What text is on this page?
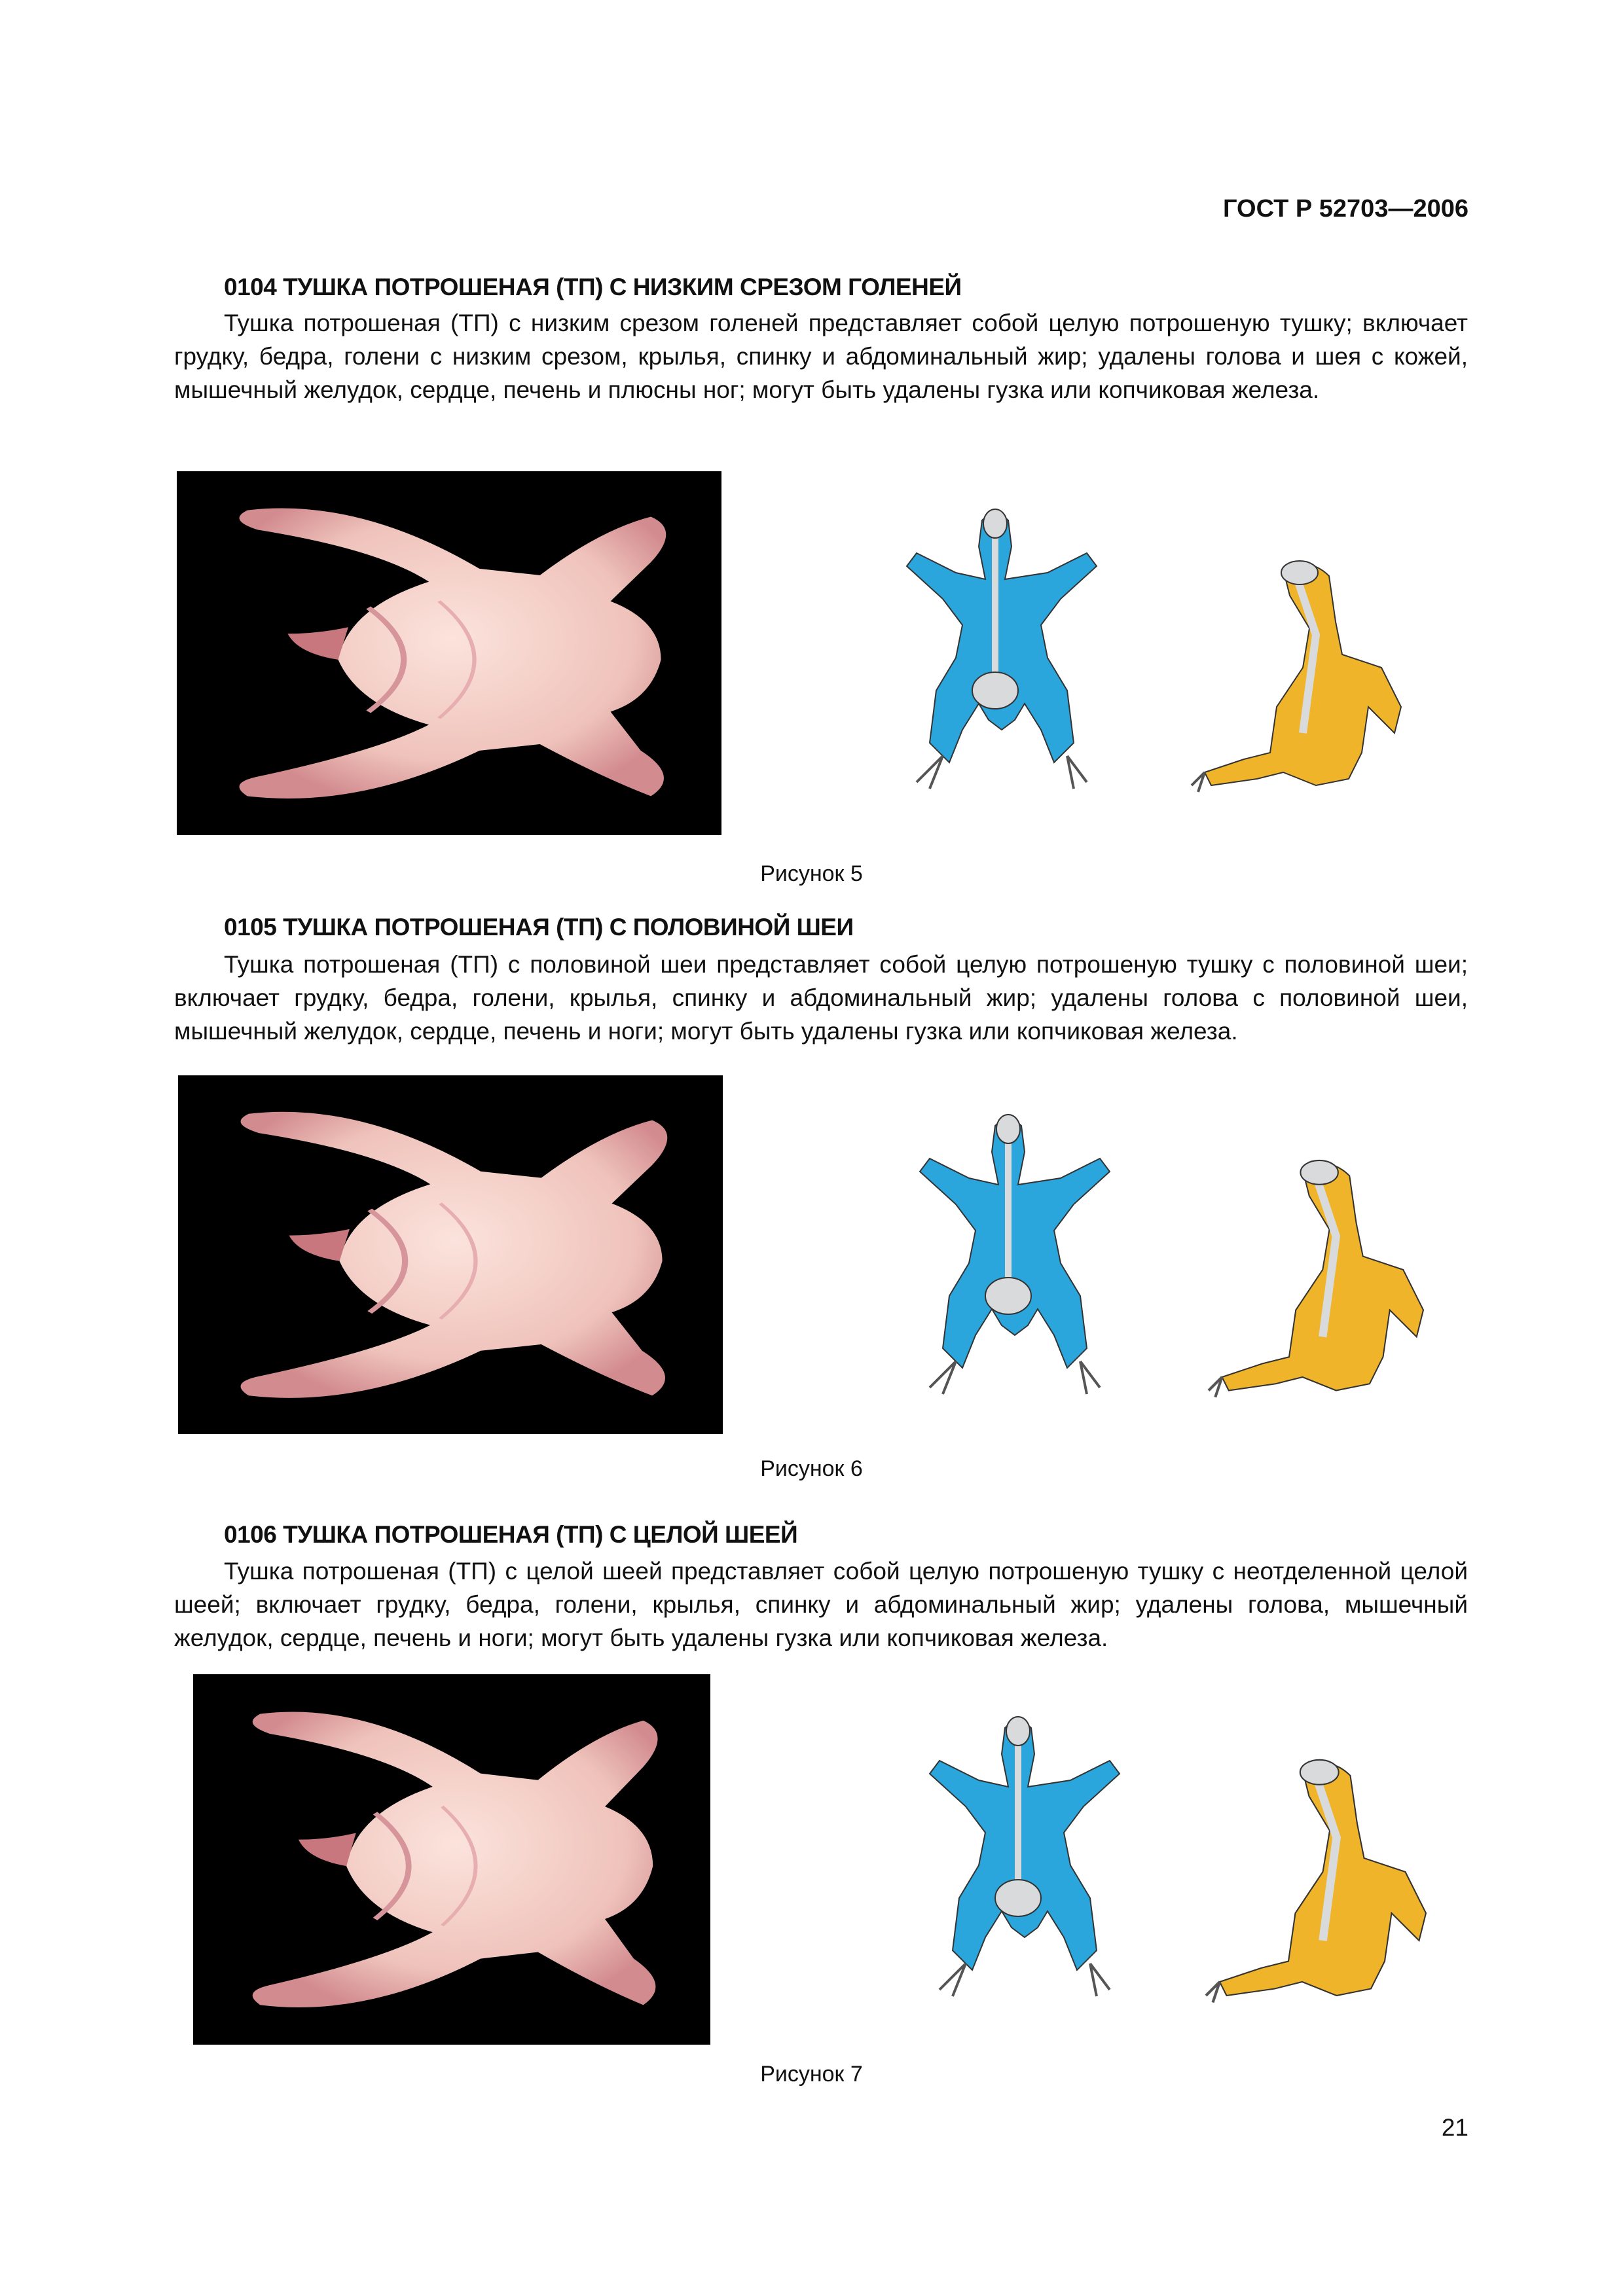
ГОСТ Р 52703—2006
0104 ТУШКА ПОТРОШЕНАЯ (ТП) С НИЗКИМ СРЕЗОМ ГОЛЕНЕЙ
Тушка потрошеная (ТП) с низким срезом голеней представляет собой целую потрошеную тушку; включает грудку, бедра, голени с низким срезом, крылья, спинку и абдоминальный жир; удалены голова и шея с кожей, мышечный желудок, сердце, печень и плюсны ног; могут быть удалены гузка или копчиковая железа.
Рисунок 5
0105 ТУШКА ПОТРОШЕНАЯ (ТП) С ПОЛОВИНОЙ ШЕИ
Тушка потрошеная (ТП) с половиной шеи представляет собой целую потрошеную тушку с половиной шеи; включает грудку, бедра, голени, крылья, спинку и абдоминальный жир; удалены голова с половиной шеи, мышечный желудок, сердце, печень и ноги; могут быть удалены гузка или копчиковая железа.
Рисунок 6
0106 ТУШКА ПОТРОШЕНАЯ (ТП) С ЦЕЛОЙ ШЕЕЙ
Тушка потрошеная (ТП) с целой шеей представляет собой целую потрошеную тушку с неотделенной целой шеей; включает грудку, бедра, голени, крылья, спинку и абдоминальный жир; удалены голова, мышечный желудок, сердце, печень и ноги; могут быть удалены гузка или копчиковая железа.
Рисунок 7
21
